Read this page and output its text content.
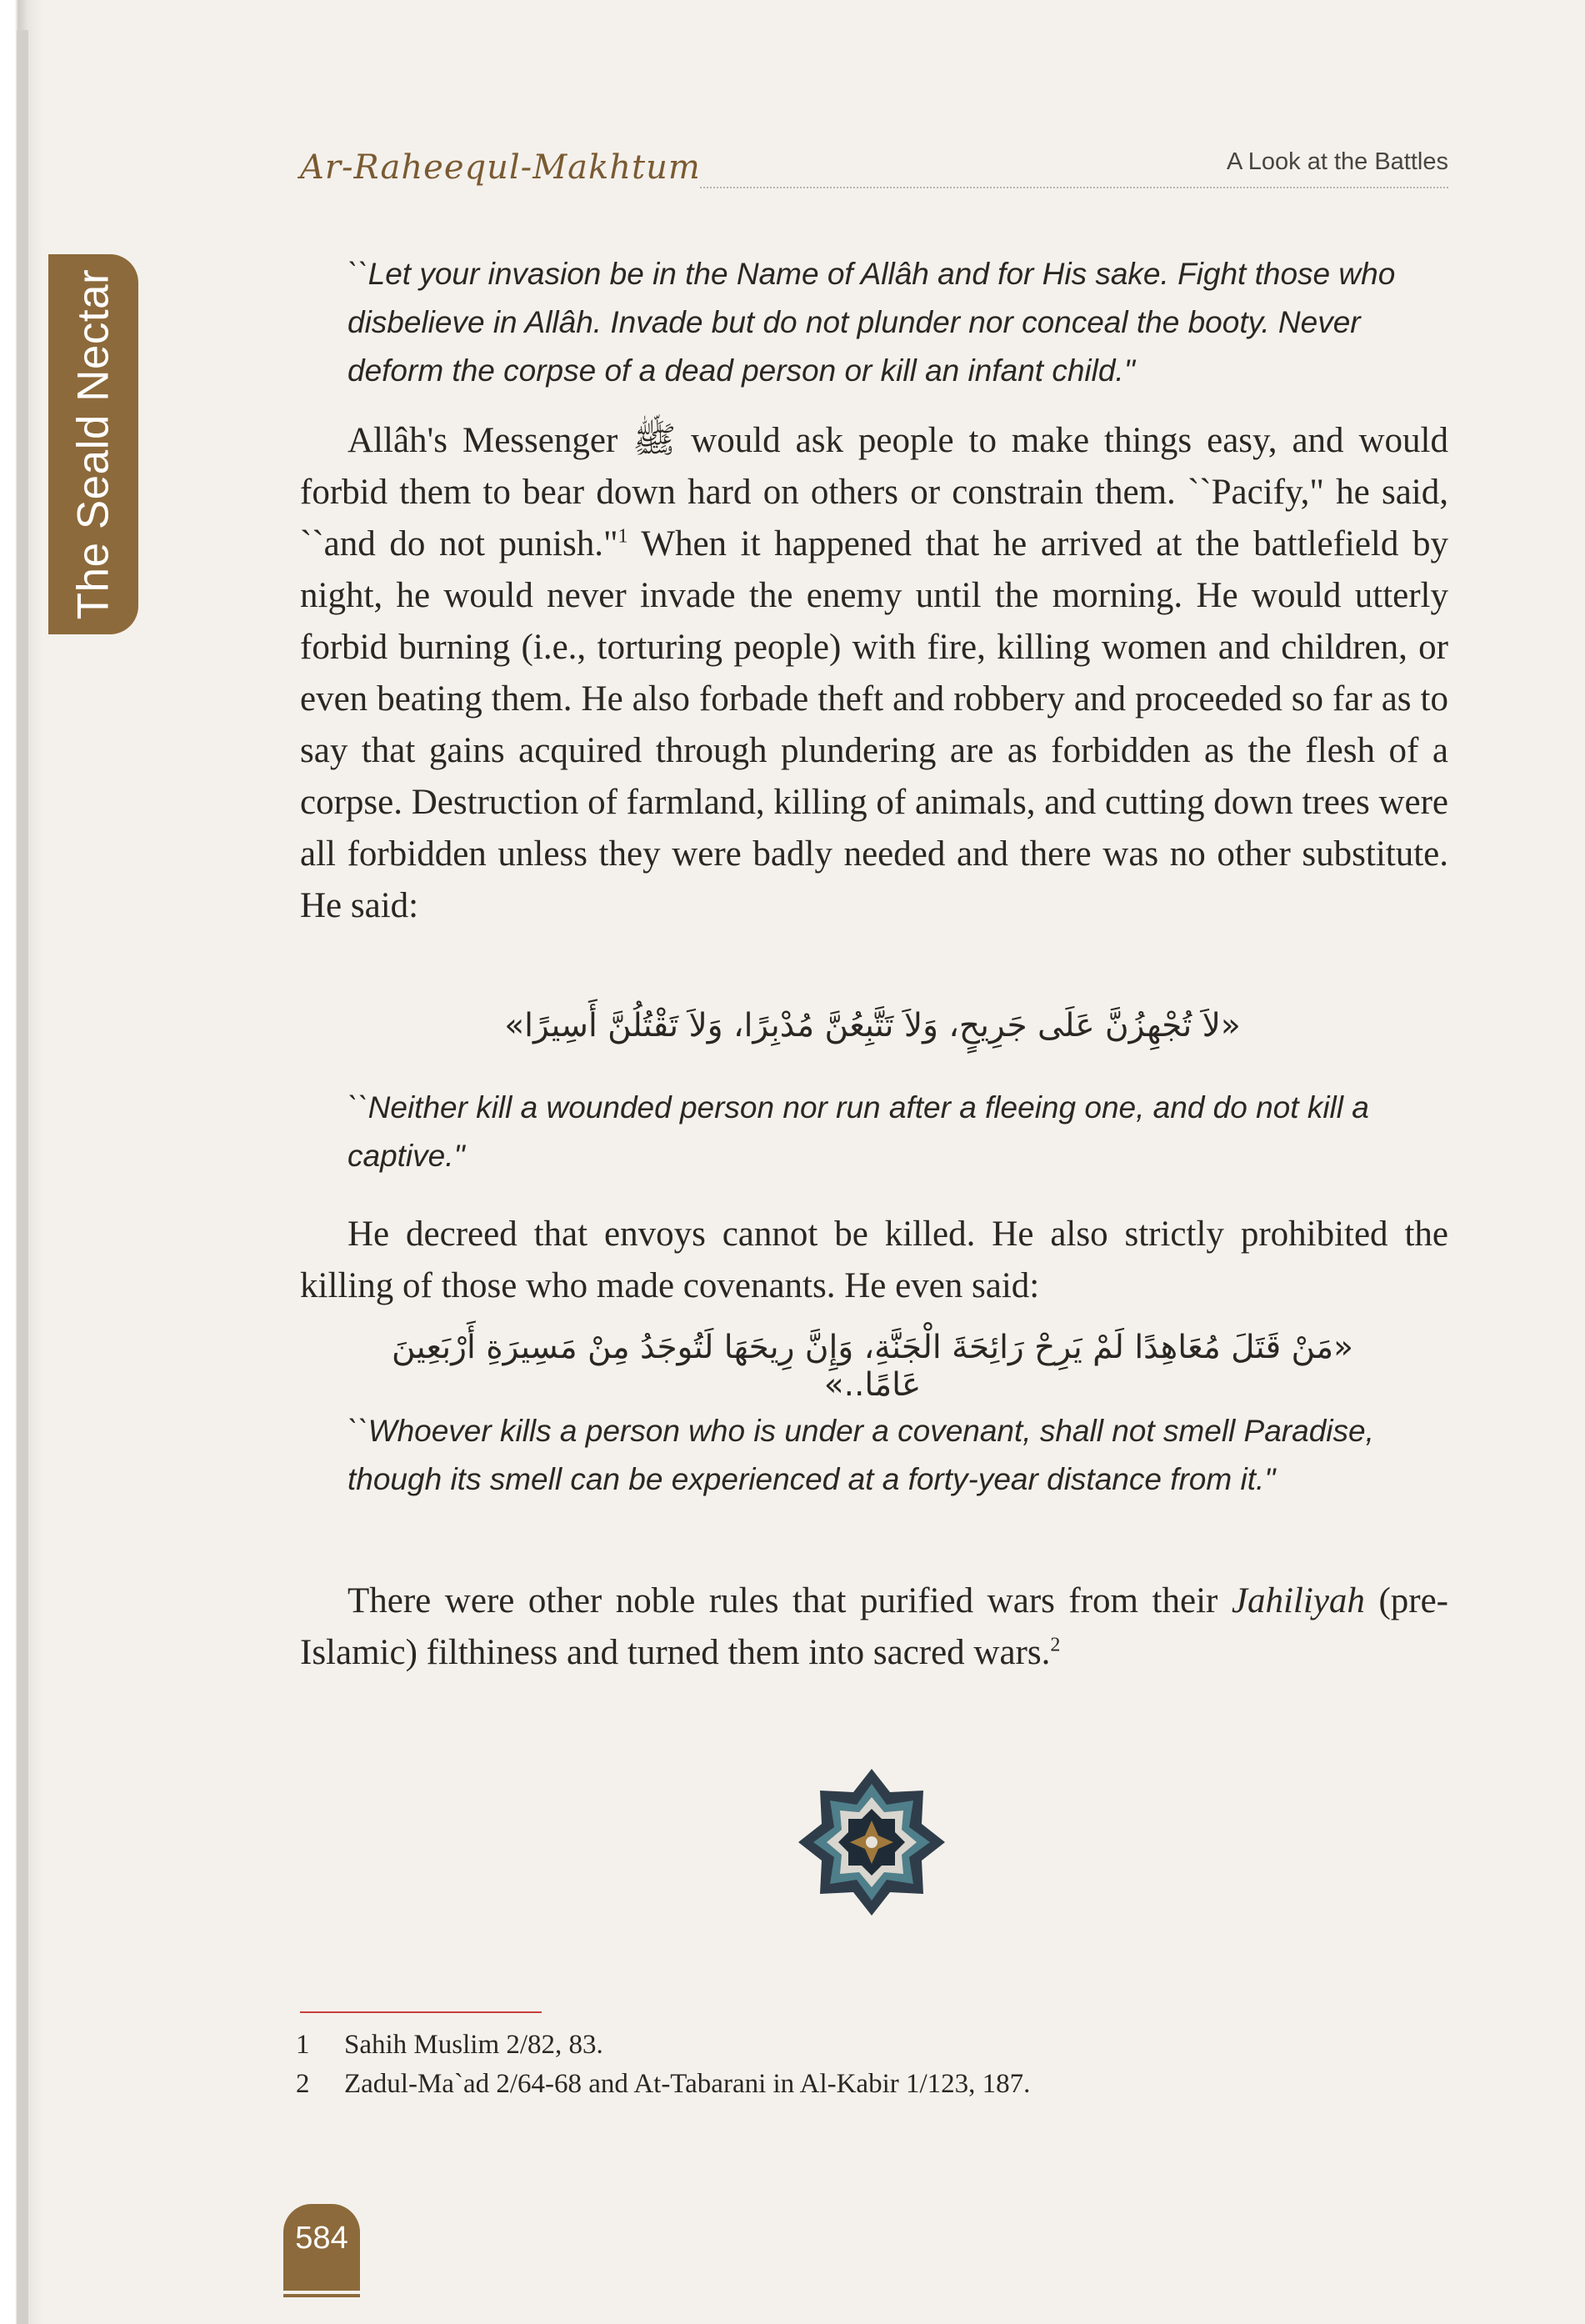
The Seald Nectar
Ar-Raheequl-Makhtum	A Look at the Battles
``Let your invasion be in the Name of Allâh and for His sake. Fight those who disbelieve in Allâh. Invade but do not plunder nor conceal the booty. Never deform the corpse of a dead person or kill an infant child."

Allâh's Messenger ﷺ would ask people to make things easy, and would forbid them to bear down hard on others or constrain them. ``Pacify," he said, ``and do not punish."$^1$ When it happened that he arrived at the battlefield by night, he would never invade the enemy until the morning. He would utterly forbid burning (i.e., torturing people) with fire, killing women and children, or even beating them. He also forbade theft and robbery and proceeded so far as to say that gains acquired through plundering are as forbidden as the flesh of a corpse. Destruction of farmland, killing of animals, and cutting down trees were all forbidden unless they were badly needed and there was no other substitute. He said:

«لاَ تُجْهِزُنَّ عَلَى جَرِيحٍ، وَلاَ تَتَّبِعُنَّ مُدْبِرًا، وَلاَ تَقْتُلُنَّ أَسِيرًا»
``Neither kill a wounded person nor run after a fleeing one, and do not kill a captive."

He decreed that envoys cannot be killed. He also strictly prohibited the killing of those who made covenants. He even said:

«مَنْ قَتَلَ مُعَاهِدًا لَمْ يَرِحْ رَائِحَةَ الْجَنَّةِ، وَإِنَّ رِيحَهَا لَتُوجَدُ مِنْ مَسِيرَةِ أَرْبَعِينَ عَامًا..»
``Whoever kills a person who is under a covenant, shall not smell Paradise, though its smell can be experienced at a forty-year distance from it."

There were other noble rules that purified wars from their Jahiliyah (pre-Islamic) filthiness and turned them into sacred wars.$^2$

1	Sahih Muslim 2/82, 83.
2	Zadul-Ma`ad 2/64-68 and At-Tabarani in Al-Kabir 1/123, 187.
584
